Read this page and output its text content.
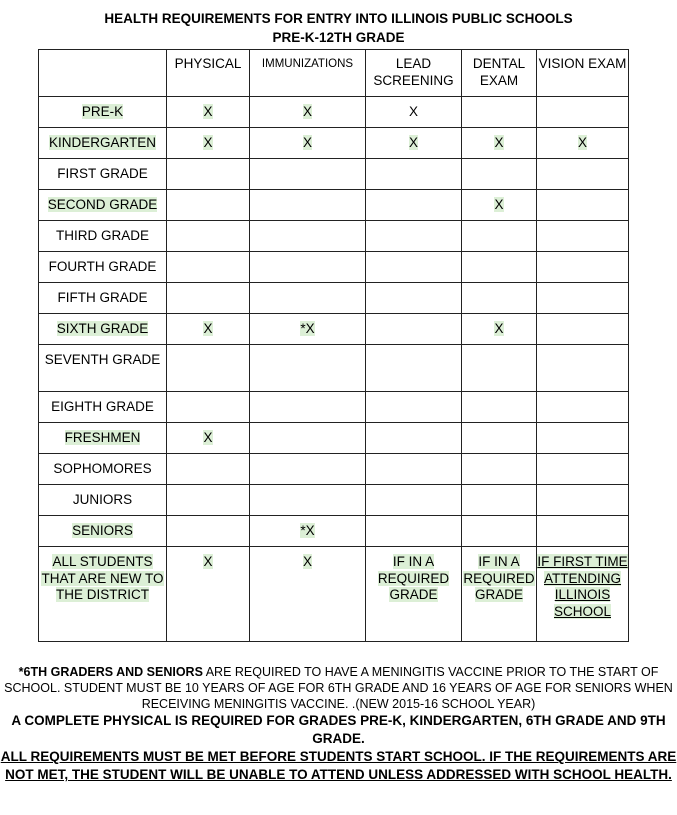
HEALTH REQUIREMENTS FOR ENTRY INTO ILLINOIS PUBLIC SCHOOLS
PRE-K-12TH GRADE
	PHYSICAL	IMMUNIZATIONS	LEAD SCREENING	DENTAL EXAM	VISION EXAM
PRE-K	X	X	X		
KINDERGARTEN	X	X	X	X	X
FIRST GRADE					
SECOND GRADE				X	
THIRD GRADE					
FOURTH GRADE					
FIFTH GRADE					
SIXTH GRADE	X	*X		X	
SEVENTH GRADE					
EIGHTH GRADE					
FRESHMEN	X				
SOPHOMORES					
JUNIORS					
SENIORS		*X			
ALL STUDENTS THAT ARE NEW TO THE DISTRICT	X	X	IF IN A REQUIRED GRADE	IF IN A REQUIRED GRADE	IF FIRST TIME ATTENDING ILLINOIS SCHOOL

*6TH GRADERS AND SENIORS ARE REQUIRED TO HAVE A MENINGITIS VACCINE PRIOR TO THE START OF SCHOOL. STUDENT MUST BE 10 YEARS OF AGE FOR 6TH GRADE AND 16 YEARS OF AGE FOR SENIORS WHEN RECEIVING MENINGITIS VACCINE. .(NEW 2015-16 SCHOOL YEAR)

A COMPLETE PHYSICAL IS REQUIRED FOR GRADES PRE-K, KINDERGARTEN, 6TH GRADE AND 9TH GRADE.

ALL REQUIREMENTS MUST BE MET BEFORE STUDENTS START SCHOOL. IF THE REQUIREMENTS ARE NOT MET, THE STUDENT WILL BE UNABLE TO ATTEND UNLESS ADDRESSED WITH SCHOOL HEALTH.
